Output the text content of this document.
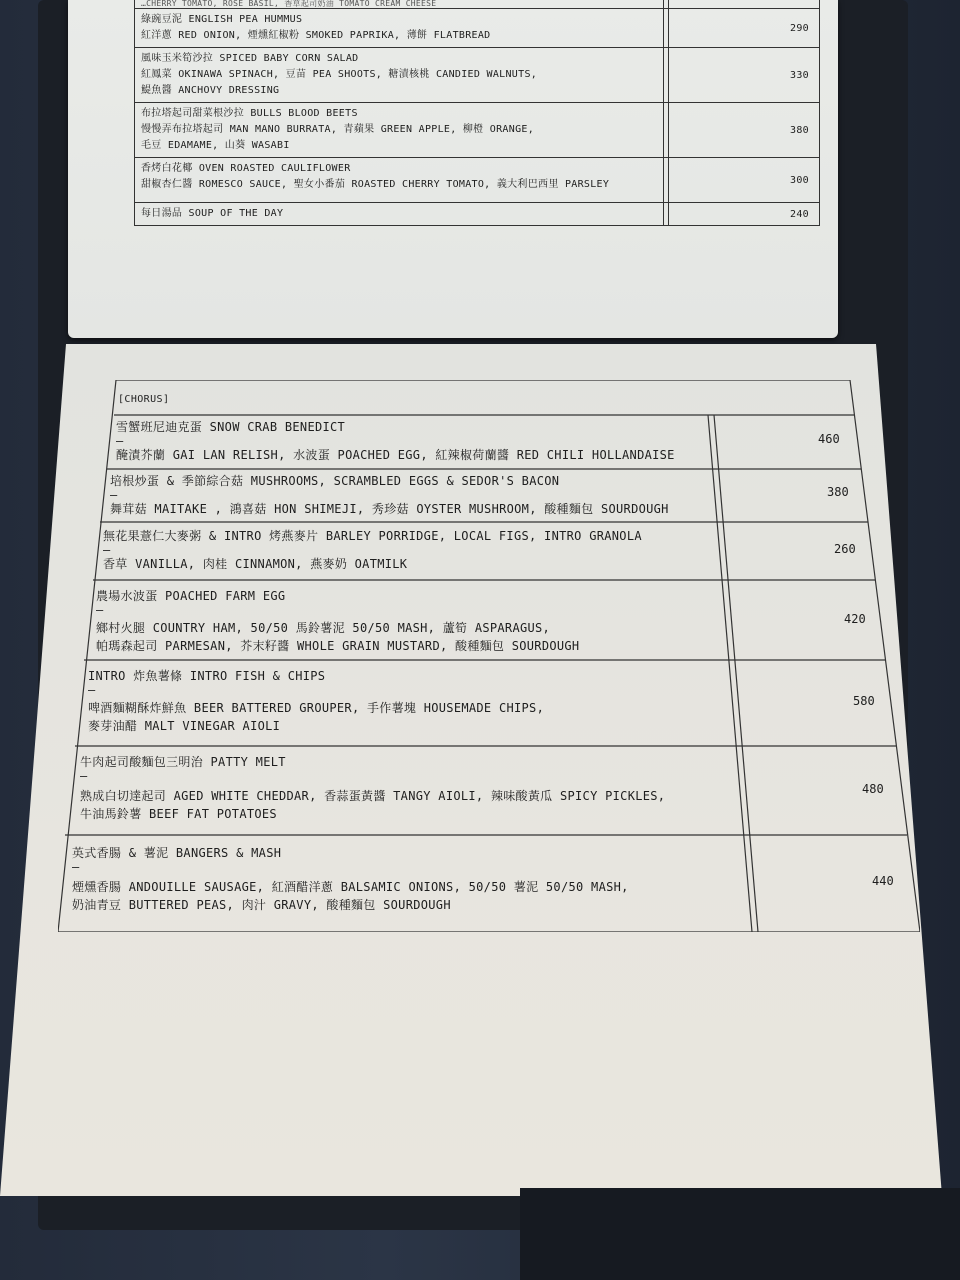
…CHERRY TOMATO, ROSE BASIL, 香草起司奶油 TOMATO CREAM CHEESE
綠豌豆泥 ENGLISH PEA HUMMUS
紅洋蔥 RED ONION, 煙燻紅椒粉 SMOKED PAPRIKA, 薄餅 FLATBREAD
290
風味玉米筍沙拉 SPICED BABY CORN SALAD
紅鳳菜 OKINAWA SPINACH, 豆苗 PEA SHOOTS, 糖漬核桃 CANDIED WALNUTS,
鯷魚醬 ANCHOVY DRESSING
330
布拉塔起司甜菜根沙拉 BULLS BLOOD BEETS
慢慢弄布拉塔起司 MAN MANO BURRATA, 青蘋果 GREEN APPLE, 柳橙 ORANGE,
毛豆 EDAMAME, 山葵 WASABI
380
香烤白花椰 OVEN ROASTED CAULIFLOWER
甜椒杏仁醬 ROMESCO SAUCE, 聖女小番茄 ROASTED CHERRY TOMATO, 義大利巴西里 PARSLEY	300
每日湯品 SOUP OF THE DAY	240
[CHORUS]
雪蟹班尼迪克蛋 SNOW CRAB BENEDICT
–
醃漬芥蘭 GAI LAN RELISH, 水波蛋 POACHED EGG, 紅辣椒荷蘭醬 RED CHILI HOLLANDAISE
460
培根炒蛋 & 季節綜合菇 MUSHROOMS, SCRAMBLED EGGS & SEDOR'S BACON
–
舞茸菇 MAITAKE , 鴻喜菇 HON SHIMEJI, 秀珍菇 OYSTER MUSHROOM, 酸種麵包 SOURDOUGH
380
無花果薏仁大麥粥 & INTRO 烤燕麥片 BARLEY PORRIDGE, LOCAL FIGS, INTRO GRANOLA
–
香草 VANILLA, 肉桂 CINNAMON, 燕麥奶 OATMILK
260
農場水波蛋 POACHED FARM EGG
–
鄉村火腿 COUNTRY HAM, 50/50 馬鈴薯泥 50/50 MASH, 蘆筍 ASPARAGUS,
帕瑪森起司 PARMESAN, 芥末籽醬 WHOLE GRAIN MUSTARD, 酸種麵包 SOURDOUGH
420
INTRO 炸魚薯條 INTRO FISH & CHIPS
–
啤酒麵糊酥炸鮮魚 BEER BATTERED GROUPER, 手作薯塊 HOUSEMADE CHIPS,
麥芽油醋 MALT VINEGAR AIOLI
580
牛肉起司酸麵包三明治 PATTY MELT
–
熟成白切達起司 AGED WHITE CHEDDAR, 香蒜蛋黃醬 TANGY AIOLI, 辣味酸黃瓜 SPICY PICKLES,
牛油馬鈴薯 BEEF FAT POTATOES
480
英式香腸 & 薯泥 BANGERS & MASH
–
煙燻香腸 ANDOUILLE SAUSAGE, 紅酒醋洋蔥 BALSAMIC ONIONS, 50/50 薯泥 50/50 MASH,
奶油青豆 BUTTERED PEAS, 肉汁 GRAVY, 酸種麵包 SOURDOUGH
440
